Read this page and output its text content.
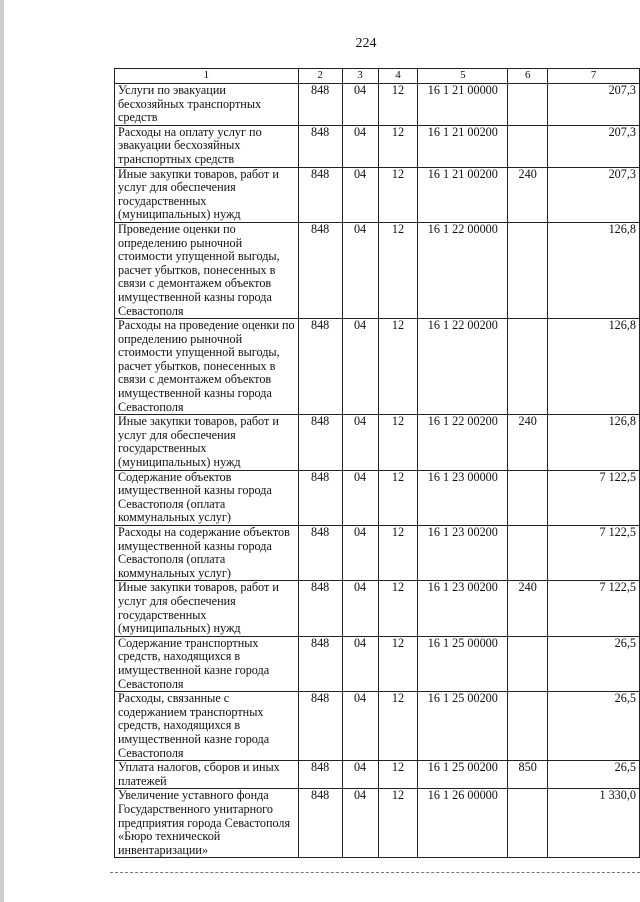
224
1	2	3	4	5	6	7
Услуги по эвакуации бесхозяйных транспортных средств	848	04	12	16 1 21 00000		207,3
Расходы на оплату услуг по эвакуации бесхозяйных транспортных средств	848	04	12	16 1 21 00200		207,3
Иные закупки товаров, работ и услуг для обеспечения государственных (муниципальных) нужд	848	04	12	16 1 21 00200	240	207,3
Проведение оценки по определению рыночной стоимости упущенной выгоды, расчет убытков, понесенных в связи с демонтажем объектов имущественной казны города Севастополя	848	04	12	16 1 22 00000		126,8
Расходы на проведение оценки по определению рыночной стоимости упущенной выгоды, расчет убытков, понесенных в связи с демонтажем объектов имущественной казны города Севастополя	848	04	12	16 1 22 00200		126,8
Иные закупки товаров, работ и услуг для обеспечения государственных (муниципальных) нужд	848	04	12	16 1 22 00200	240	126,8
Содержание объектов имущественной казны города Севастополя (оплата коммунальных услуг)	848	04	12	16 1 23 00000		7 122,5
Расходы на содержание объектов имущественной казны города Севастополя (оплата коммунальных услуг)	848	04	12	16 1 23 00200		7 122,5
Иные закупки товаров, работ и услуг для обеспечения государственных (муниципальных) нужд	848	04	12	16 1 23 00200	240	7 122,5
Содержание транспортных средств, находящихся в имущественной казне города Севастополя	848	04	12	16 1 25 00000		26,5
Расходы, связанные с содержанием транспортных средств, находящихся в имущественной казне города Севастополя	848	04	12	16 1 25 00200		26,5
Уплата налогов, сборов и иных платежей	848	04	12	16 1 25 00200	850	26,5
Увеличение уставного фонда Государственного унитарного предприятия города Севастополя «Бюро технической инвентаризации»	848	04	12	16 1 26 00000		1 330,0
